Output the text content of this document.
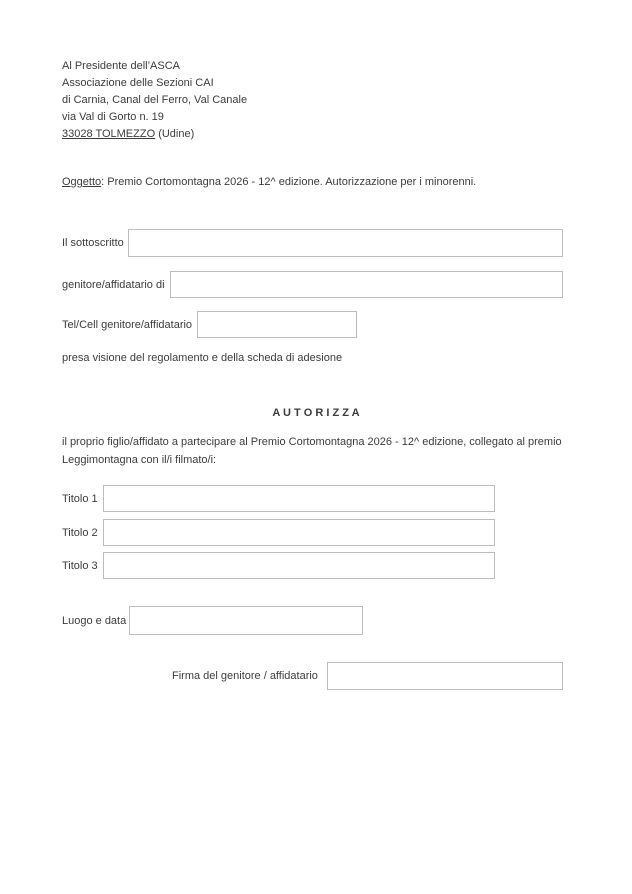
Al Presidente dell’ASCA
Associazione delle Sezioni CAI
di Carnia, Canal del Ferro, Val Canale
via Val di Gorto n. 19
33028 TOLMEZZO (Udine)
Oggetto: Premio Cortomontagna 2026 - 12^ edizione. Autorizzazione per i minorenni.
Il sottoscritto
genitore/affidatario di
Tel/Cell genitore/affidatario
presa visione del regolamento e della scheda di adesione
A U T O R I Z Z A
il proprio figlio/affidato a partecipare al Premio Cortomontagna 2026 - 12^ edizione, collegato al premio
Leggimontagna con il/i filmato/i:
Titolo 1
Titolo 2
Titolo 3
Luogo e data
Firma del genitore / affidatario
